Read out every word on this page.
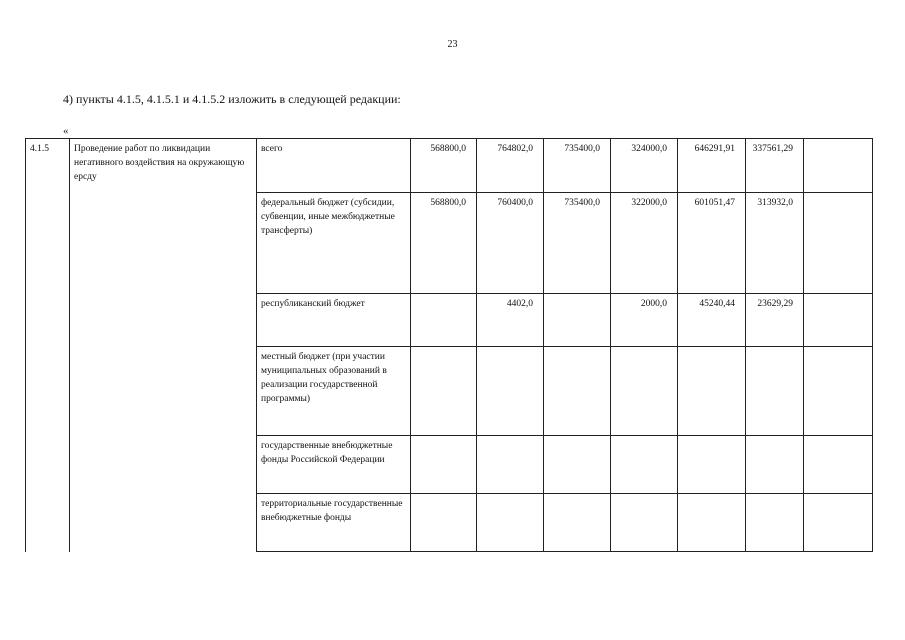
23
4) пункты 4.1.5, 4.1.5.1 и 4.1.5.2 изложить в следующей редакции:
«
4.1.5	Проведение работ по ликвидации негативного воздействия на окружающую ерсду	всего	568800,0	764802,0	735400,0	324000,0	646291,91	337561,29	
		федеральный бюджет (субсидии, субвенции, иные межбюджетные трансферты)	568800,0	760400,0	735400,0	322000,0	601051,47	313932,0	
		республиканский бюджет		4402,0		2000,0	45240,44	23629,29	
		местный бюджет (при участии муниципальных образований в реализации государственной программы)							
		государственные внебюджетные фонды Российской Федерации							
		территориальные государственные внебюджетные фонды							
